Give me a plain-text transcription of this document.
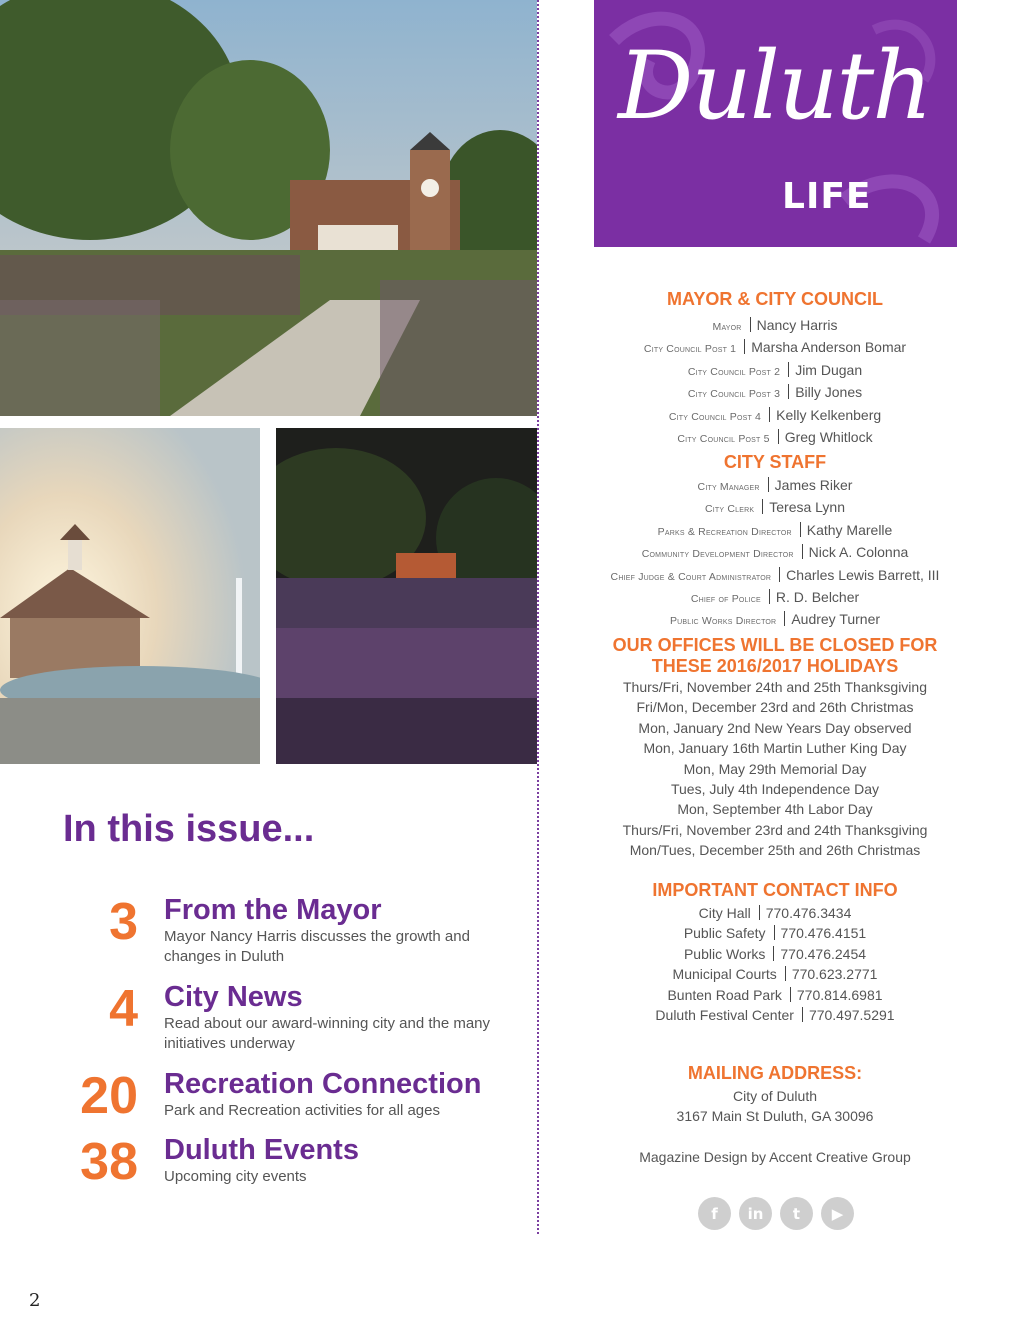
Duluth
LIFE
MAYOR & CITY COUNCIL
Mayor Nancy Harris
City Council Post 1 Marsha Anderson Bomar
City Council Post 2 Jim Dugan
City Council Post 3 Billy Jones
City Council Post 4 Kelly Kelkenberg
City Council Post 5 Greg Whitlock
CITY STAFF
City Manager James Riker
City Clerk Teresa Lynn
Parks & Recreation Director Kathy Marelle
Community Development Director Nick A. Colonna
Chief Judge & Court Administrator Charles Lewis Barrett, III
Chief of Police R. D. Belcher
Public Works Director Audrey Turner
OUR OFFICES WILL BE CLOSED FOR
THESE 2016/2017 HOLIDAYS
Thurs/Fri, November 24th and 25th Thanksgiving
Fri/Mon, December 23rd and 26th Christmas
Mon, January 2nd New Years Day observed
Mon, January 16th Martin Luther King Day
Mon, May 29th Memorial Day
Tues, July 4th Independence Day
Mon, September 4th Labor Day
Thurs/Fri, November 23rd and 24th Thanksgiving
Mon/Tues, December 25th and 26th Christmas
IMPORTANT CONTACT INFO
City Hall 770.476.3434
Public Safety 770.476.4151
Public Works 770.476.2454
Municipal Courts 770.623.2771
Bunten Road Park 770.814.6981
Duluth Festival Center 770.497.5291
MAILING ADDRESS:
City of Duluth
3167 Main St Duluth, GA 30096
Magazine Design by Accent Creative Group
f	in	t	▶
In this issue...
3 From the Mayor
Mayor Nancy Harris discusses the growth and changes in Duluth
4 City News
Read about our award-winning city and the many initiatives underway
20 Recreation Connection
Park and Recreation activities for all ages
38 Duluth Events
Upcoming city events
2
